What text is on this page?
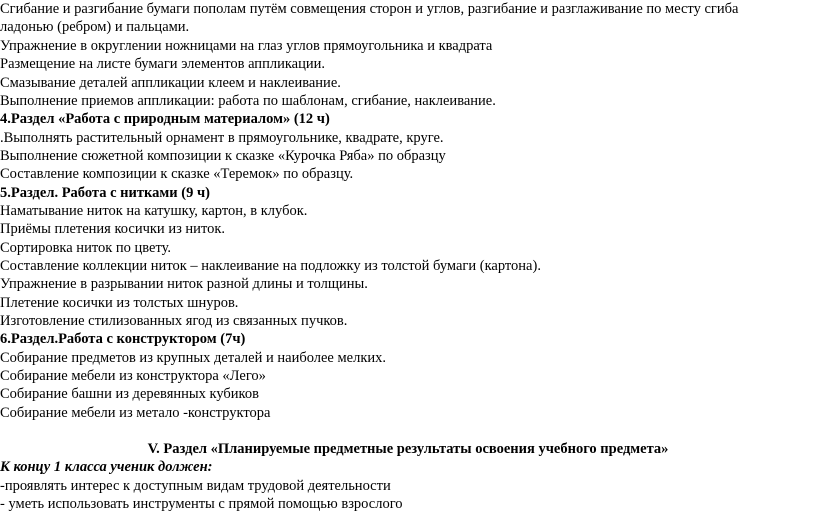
Сгибание и разгибание бумаги пополам путём совмещения сторон и углов, разгибание и разглаживание по месту сгиба
ладонью (ребром) и пальцами.
Упражнение в округлении ножницами на глаз углов прямоугольника и квадрата
Размещение на листе бумаги элементов аппликации.
Смазывание деталей аппликации клеем и наклеивание.
Выполнение приемов аппликации: работа по шаблонам, сгибание, наклеивание.
4.Раздел «Работа с природным материалом» (12 ч)
.Выполнять растительный орнамент в прямоугольнике, квадрате, круге.
Выполнение сюжетной композиции к сказке «Курочка Ряба» по образцу
Составление композиции к сказке «Теремок» по образцу.
5.Раздел. Работа с нитками (9 ч)
Наматывание ниток на катушку, картон, в клубок.
Приёмы плетения косички из ниток.
Сортировка ниток по цвету.
Составление коллекции ниток – наклеивание на подложку из толстой бумаги (картона).
Упражнение в разрывании ниток разной длины и толщины.
Плетение косички из толстых шнуров.
Изготовление стилизованных ягод из связанных пучков.
6.Раздел.Работа с конструктором (7ч)
Собирание предметов из крупных деталей и наиболее мелких.
Собирание мебели из конструктора «Лего»
Собирание башни из деревянных кубиков
Собирание мебели из метало -конструктора
V. Раздел «Планируемые предметные результаты освоения учебного предмета»
К концу 1 класса ученик должен:
-проявлять интерес к доступным видам трудовой деятельности
- уметь использовать инструменты с прямой помощью взрослого
